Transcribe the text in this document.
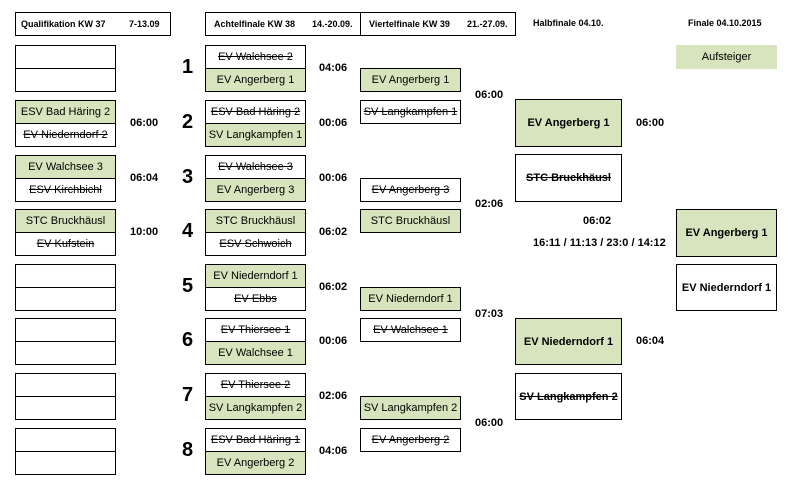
Qualifikation KW 37	7-13.09	Achtelfinale KW 38 14.-20.09. Viertelfinale KW 39 21.-27.09.	Halbfinale 04.10.	Finale 04.10.2015
Aufsteiger
ESV Bad Häring 2
EV Niederndorf 2
06:00
EV Walchsee 3
ESV Kirchbichl
06:04
STC Bruckhäusl
EV Kufstein
10:00
1	EV Walchsee 2
EV Angerberg 1
04:06
2	ESV Bad Häring 2
SV Langkampfen 1
00:06
3	EV Walchsee 3
EV Angerberg 3
00:06
4	STC Bruckhäusl
ESV Schwoich
06:02
5	EV Niederndorf 1
EV Ebbs
06:02
6	EV Thiersee 1
EV Walchsee 1
00:06
7	EV Thiersee 2
SV Langkampfen 2
02:06
8	ESV Bad Häring 1
EV Angerberg 2
04:06
EV Angerberg 1
SV Langkampfen 1
06:00
EV Angerberg 3
STC Bruckhäusl
02:06
EV Niederndorf 1
EV Walchsee 1
07:03
SV Langkampfen 2
EV Angerberg 2
06:00
EV Angerberg 1
STC Bruckhäusl
06:00
EV Niederndorf 1
SV Langkampfen 2
06:04
06:02
16:11 / 11:13 / 23:0 / 14:12
EV Angerberg 1
EV Niederndorf 1
